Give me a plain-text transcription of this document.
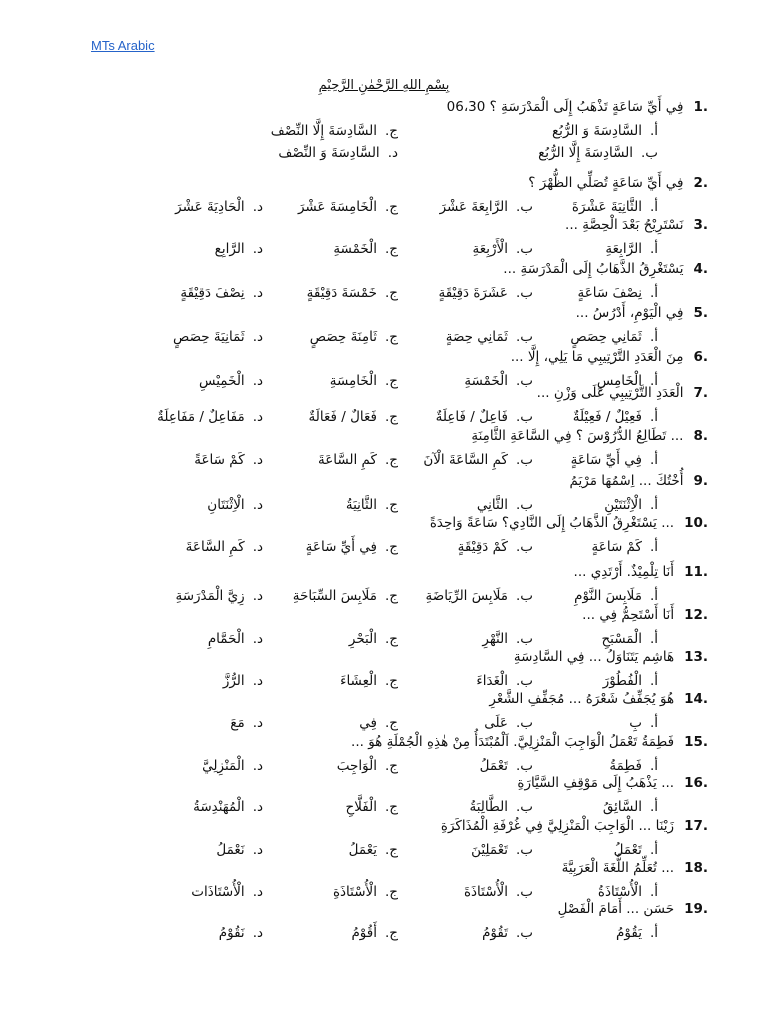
MTs Arabic
بِسْمِ اللهِ الرَّحْمٰنِ الرَّحِيْمِ
1.
فِي أَيِّ سَاعَةٍ تَذْهَبُ إِلَى الْمَدْرَسَةِ ؟ 06،30
أ.
السَّادِسَةَ وَ الرُّبُع
ب.
السَّادِسَةَ إِلَّا الرُّبُع
ج.
السَّادِسَةَ إِلَّا النِّصْف
د.
السَّادِسَةَ وَ النِّصْف
2.
فِي أَيِّ سَاعَةٍ تُصَلِّي الظُّهْرَ ؟
أ.
الثَّانِيَةَ عَشْرَةَ
ب.
الرَّابِعَةَ عَشْرَ
ج.
الْخَامِسَةَ عَشْرَ
د.
الْحَادِيَةَ عَشْرَ
3.
نَسْتَرِيْحُ بَعْدَ الْحِصَّةِ ...
أ.
الرَّابِعَةِ
ب.
الْأَرْبِعَةِ
ج.
الْخَمْسَةِ
د.
الرَّابِع
4.
يَسْتَغْرِقُ الذَّهَابُ إِلَى الْمَدْرَسَةِ ...
أ.
نِصْفَ سَاعَةٍ
ب.
عَشَرَةَ دَقِيْقَةٍ
ج.
خَمْسَةَ دَقِيْقَةٍ
د.
نِصْفَ دَقِيْقَةٍ
5.
فِي الْيَوْمِ، أَدْرُسُ ...
أ.
ثَمَانِي حِصَصٍ
ب.
ثَمَانِي حِصَةٍ
ج.
ثَامِنَةَ حِصَصٍ
د.
ثَمَانِيَةَ حِصَصٍ
6.
مِنَ الْعَدَدِ التَّرْتِيبِي مَا يَلِي، إِلَّا ...
أ.
الْخَامِسِ
ب.
الْخَمْسَةِ
ج.
الْخَامِسَةِ
د.
الْخَمِيْسِ
7.
الْعَدَدِ التَّرْتِيبِي عَلَى وَزْنِ ...
أ.
فَعِيْلٌ / فَعِيْلَةٌ
ب.
فَاعِلٌ / فَاعِلَةٌ
ج.
فَعَالٌ / فَعَالَةٌ
د.
مَفَاعِلٌ / مَفَاعِلَةٌ
8.
... تَطَالِعُ الدُّرُوْسَ ؟ فِي السَّاعَةِ الثَّامِنَةِ
أ.
فِي أَيِّ سَاعَةٍ
ب.
كَمِ السَّاعَةَ الْآنَ
ج.
كَمِ السَّاعَةَ
د.
كَمْ سَاعَةً
9.
أُخْتُكَ ... اِسْمُهَا مَرْيَمُ
أ.
الْاِثْنَتَيْنِ
ب.
الثَّانِي
ج.
الثَّانِيَةُ
د.
الْاِثْنَتَانِ
10.
... يَسْتَغْرِقُ الذَّهَابُ إِلَى النَّادِي؟ سَاعَةً وَاحِدَةً
أ.
كَمْ سَاعَةٍ
ب.
كَمْ دَقِيْقَةٍ
ج.
فِي أَيِّ سَاعَةٍ
د.
كَمِ السَّاعَةَ
11.
أَنَا تِلْمِيْذٌ. أَرْتَدِي ...
أ.
مَلَابِسَ النَّوْمِ
ب.
مَلَابِسَ الرِّيَاضَةِ
ج.
مَلَابِسَ السِّبَاحَةِ
د.
زِيَّ الْمَدْرَسَةِ
12.
أَنَا أَسْتَحِمُّ فِي ...
أ.
الْمَسْبَحِ
ب.
النَّهْرِ
ج.
الْبَحْرِ
د.
الْحَمَّامِ
13.
هَاشِم يَتَنَاوَلُ ... فِي السَّادِسَةِ
أ.
الْفُطُوْرَ
ب.
الْغَدَاءَ
ج.
الْعِشَاءَ
د.
الرُّزَّ
14.
هُوَ يُجَفِّفُ شَعْرَهُ ... مُجَفِّفِ الشَّعْرِ
أ.
بِ
ب.
عَلَى
ج.
فِي
د.
مَعَ
15.
فَطِمَةُ تَعْمَلُ الْوَاجِبَ الْمَنْزِلِيَّ. اَلْمُبْتَدَأُ مِنْ هٰذِهِ الْجُمْلَةِ هُوَ ...
أ.
فَطِمَةُ
ب.
تَعْمَلُ
ج.
الْوَاجِبَ
د.
الْمَنْزِلِيَّ
16.
... يَذْهَبُ إِلَى مَوْقِفِ السَّيَّارَةِ
أ.
السَّائِقُ
ب.
الطَّالِبَةُ
ج.
الْفَلَّاحِ
د.
الْمُهَنْدِسَةُ
17.
زَيْنَا ... الْوَاجِبَ الْمَنْزِلِيَّ فِي غُرْفَةِ الْمُذَاكَرَةِ
أ.
تَعْمَلُ
ب.
تَعْمَلِيْنَ
ج.
يَعْمَلُ
د.
نَعْمَلُ
18.
... تُعَلِّمُ اللُّغَةَ الْعَرَبِيَّةَ
أ.
الْأُسْتَاذَةُ
ب.
الْأُسْتَاذَةَ
ج.
الْأُسْتَاذَةِ
د.
الْأُسْتَاذَات
19.
حَسَن ... أَمَامَ الْفَصْلِ
أ.
يَقُوْمُ
ب.
تَقُوْمُ
ج.
أَقُوْمُ
د.
نَقُوْمُ
